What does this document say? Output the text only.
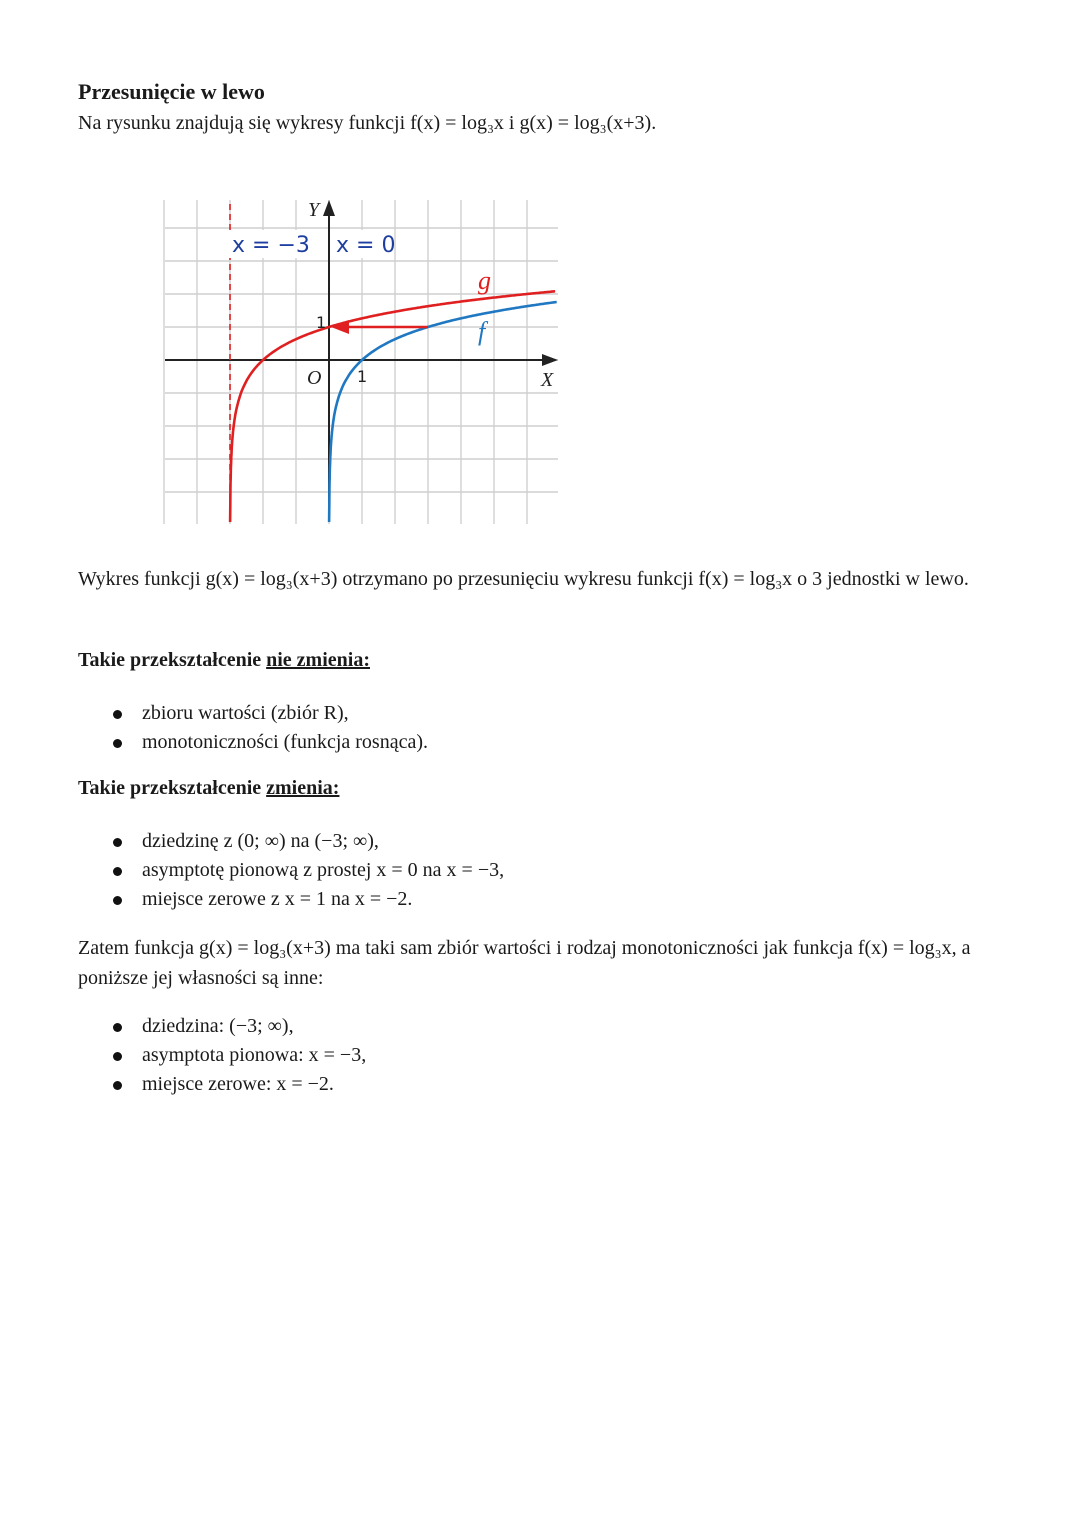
Przesunięcie w lewo

Na rysunku znajdują się wykresy funkcji f(x) = log₃x i g(x) = log₃(x+3).

x = −3 x = 0
Y
X
O
1
1
g
f

Wykres funkcji g(x) = log₃(x+3) otrzymano po przesunięciu wykresu funkcji f(x) = log₃x o 3 jednostki w lewo.

Takie przekształcenie nie zmienia:

zbioru wartości (zbiór R),
monotoniczności (funkcja rosnąca).

Takie przekształcenie zmienia:

dziedzinę z (0; ∞) na (−3; ∞),
asymptotę pionową z prostej x = 0 na x = −3,
miejsce zerowe z x = 1 na x = −2.

Zatem funkcja g(x) = log₃(x+3) ma taki sam zbiór wartości i rodzaj monotoniczności jak funkcja f(x) = log₃x, a poniższe jej własności są inne:

dziedzina: (−3; ∞),
asymptota pionowa: x = −3,
miejsce zerowe: x = −2.
